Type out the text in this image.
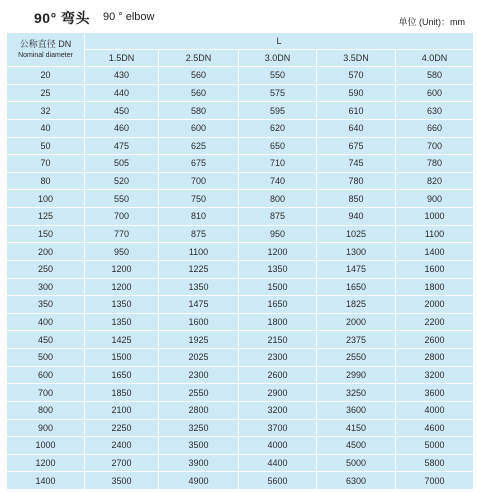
90° 弯头 90 ° elbow	单位 (Unit)：mm
公称直径 DN
Nominal diameter	L				
	1.5DN	2.5DN	3.0DN	3.5DN	4.0DN
20	430	560	550	570	580
25	440	560	575	590	600
32	450	580	595	610	630
40	460	600	620	640	660
50	475	625	650	675	700
70	505	675	710	745	780
80	520	700	740	780	820
100	550	750	800	850	900
125	700	810	875	940	1000
150	770	875	950	1025	1100
200	950	1100	1200	1300	1400
250	1200	1225	1350	1475	1600
300	1200	1350	1500	1650	1800
350	1350	1475	1650	1825	2000
400	1350	1600	1800	2000	2200
450	1425	1925	2150	2375	2600
500	1500	2025	2300	2550	2800
600	1650	2300	2600	2990	3200
700	1850	2550	2900	3250	3600
800	2100	2800	3200	3600	4000
900	2250	3250	3700	4150	4600
1000	2400	3500	4000	4500	5000
1200	2700	3900	4400	5000	5800
1400	3500	4900	5600	6300	7000
